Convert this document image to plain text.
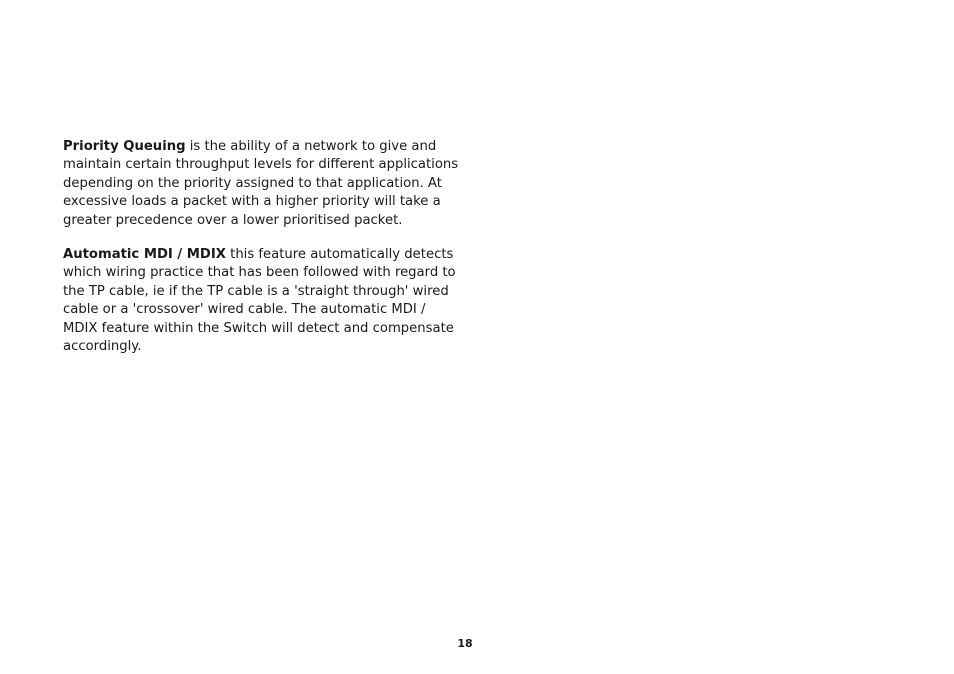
Priority Queuing is the ability of a network to give and
maintain certain throughput levels for different applications
depending on the priority assigned to that application. At
excessive loads a packet with a higher priority will take a
greater precedence over a lower prioritised packet.

Automatic MDI / MDIX this feature automatically detects
which wiring practice that has been followed with regard to
the TP cable, ie if the TP cable is a 'straight through' wired
cable or a 'crossover' wired cable. The automatic MDI /
MDIX feature within the Switch will detect and compensate
accordingly.

18
